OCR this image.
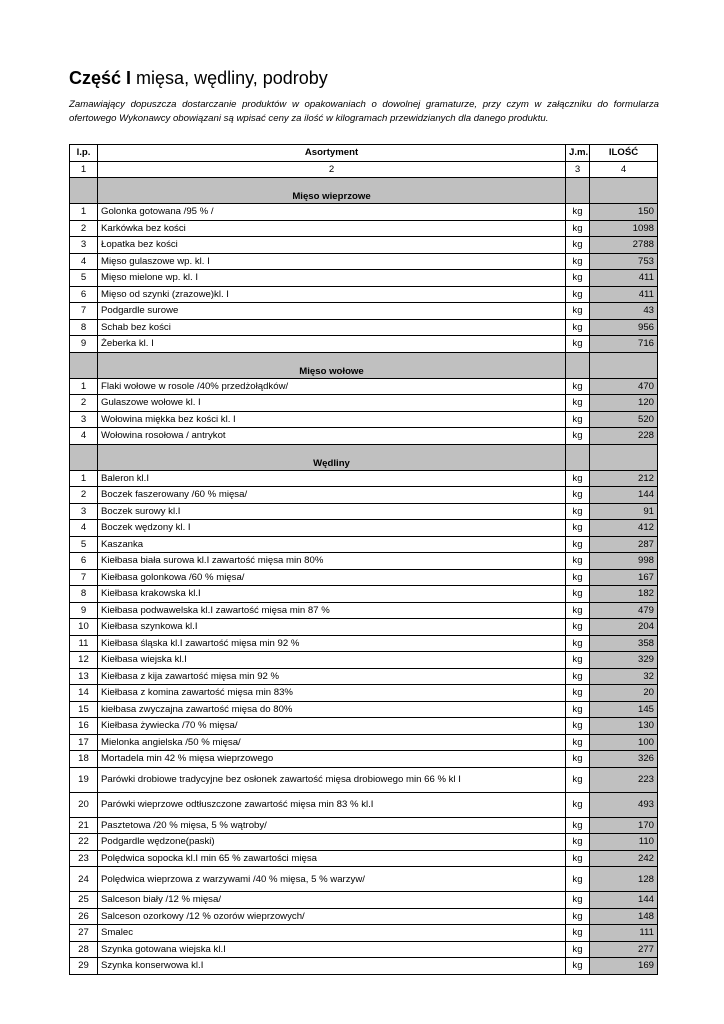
Część I mięsa, wędliny, podroby

Zamawiający dopuszcza dostarczanie produktów w opakowaniach o dowolnej gramaturze, przy czym w załączniku do formularza ofertowego Wykonawcy obowiązani są wpisać ceny za ilość w kilogramach przewidzianych dla danego produktu.

l.p.	Asortyment	J.m.	ILOŚĆ
1	2	3	4
	Mięso wieprzowe		
1	Golonka gotowana /95 % /	kg	150
2	Karkówka bez kości	kg	1098
3	Łopatka bez kości	kg	2788
4	Mięso gulaszowe wp. kl. I	kg	753
5	Mięso mielone wp. kl. I	kg	411
6	Mięso od szynki (zrazowe)kl. I	kg	411
7	Podgardle surowe	kg	43
8	Schab bez kości	kg	956
9	Żeberka kl. I	kg	716
	Mięso wołowe		
1	Flaki wołowe w rosole /40% przedżołądków/	kg	470
2	Gulaszowe wołowe kl. I	kg	120
3	Wołowina miękka bez kości kl. I	kg	520
4	Wołowina rosołowa / antrykot	kg	228
	Wędliny		
1	Baleron kl.I	kg	212
2	Boczek faszerowany /60 % mięsa/	kg	144
3	Boczek surowy kl.I	kg	91
4	Boczek wędzony kl. I	kg	412
5	Kaszanka	kg	287
6	Kiełbasa biała surowa kl.I zawartość mięsa min 80%	kg	998
7	Kiełbasa golonkowa /60 % mięsa/	kg	167
8	Kiełbasa krakowska kl.I	kg	182
9	Kiełbasa podwawelska kl.I zawartość mięsa min 87 %	kg	479
10	Kiełbasa szynkowa kl.I	kg	204
11	Kiełbasa śląska kl.I zawartość mięsa min 92 %	kg	358
12	Kiełbasa wiejska kl.I	kg	329
13	Kiełbasa z kija zawartość mięsa min 92 %	kg	32
14	Kiełbasa z komina zawartość mięsa min 83%	kg	20
15	kiełbasa zwyczajna zawartość mięsa do 80%	kg	145
16	Kiełbasa żywiecka /70 % mięsa/	kg	130
17	Mielonka angielska /50 % mięsa/	kg	100
18	Mortadela min 42 % mięsa wieprzowego	kg	326
19	Parówki drobiowe tradycyjne bez osłonek zawartość mięsa drobiowego min 66 % kl I	kg	223
20	Parówki wieprzowe odtłuszczone zawartość mięsa min 83 % kl.I	kg	493
21	Pasztetowa /20 % mięsa, 5 % wątroby/	kg	170
22	Podgardle wędzone(paski)	kg	110
23	Polędwica sopocka kl.I min 65 % zawartości mięsa	kg	242
24	Polędwica wieprzowa z warzywami /40 % mięsa, 5 % warzyw/	kg	128
25	Salceson biały /12 % mięsa/	kg	144
26	Salceson ozorkowy /12 % ozorów wieprzowych/	kg	148
27	Smalec	kg	111
28	Szynka gotowana wiejska kl.I	kg	277
29	Szynka konserwowa kl.I	kg	169
